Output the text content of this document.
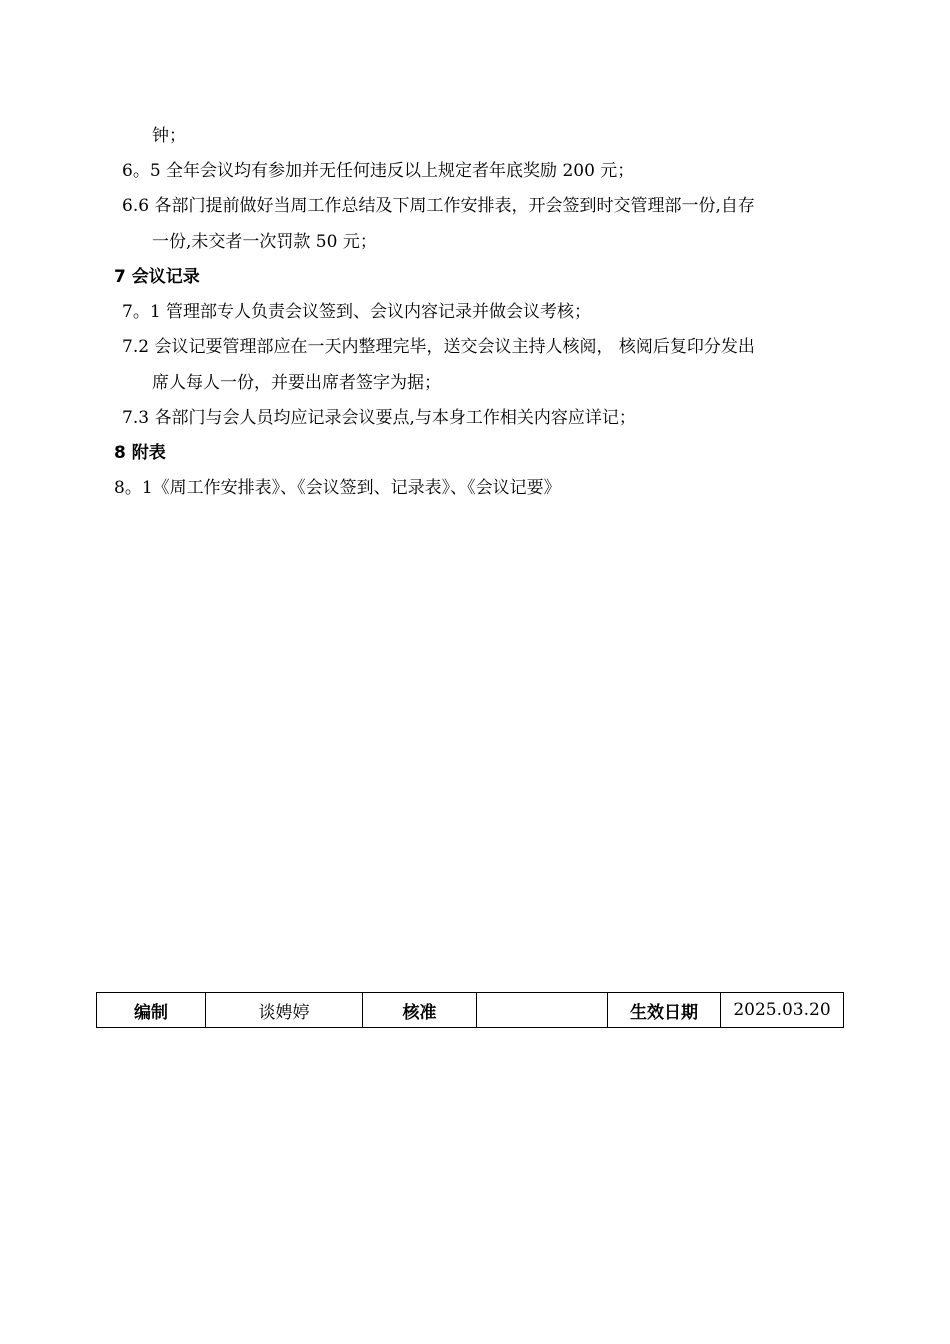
钟；
6。5 全年会议均有参加并无任何违反以上规定者年底奖励 200 元；
6.6 各部门提前做好当周工作总结及下周工作安排表，开会签到时交管理部一份,自存
一份,未交者一次罚款 50 元；
7 会议记录
7。1 管理部专人负责会议签到、会议内容记录并做会议考核；
7.2 会议记要管理部应在一天内整理完毕，送交会议主持人核阅， 核阅后复印分发出
席人每人一份，并要出席者签字为据；
7.3 各部门与会人员均应记录会议要点,与本身工作相关内容应详记；
8 附表
8。1《周工作安排表》、《会议签到、记录表》、《会议记要》
编制	谈娉婷	核准		生效日期	2025.03.20
